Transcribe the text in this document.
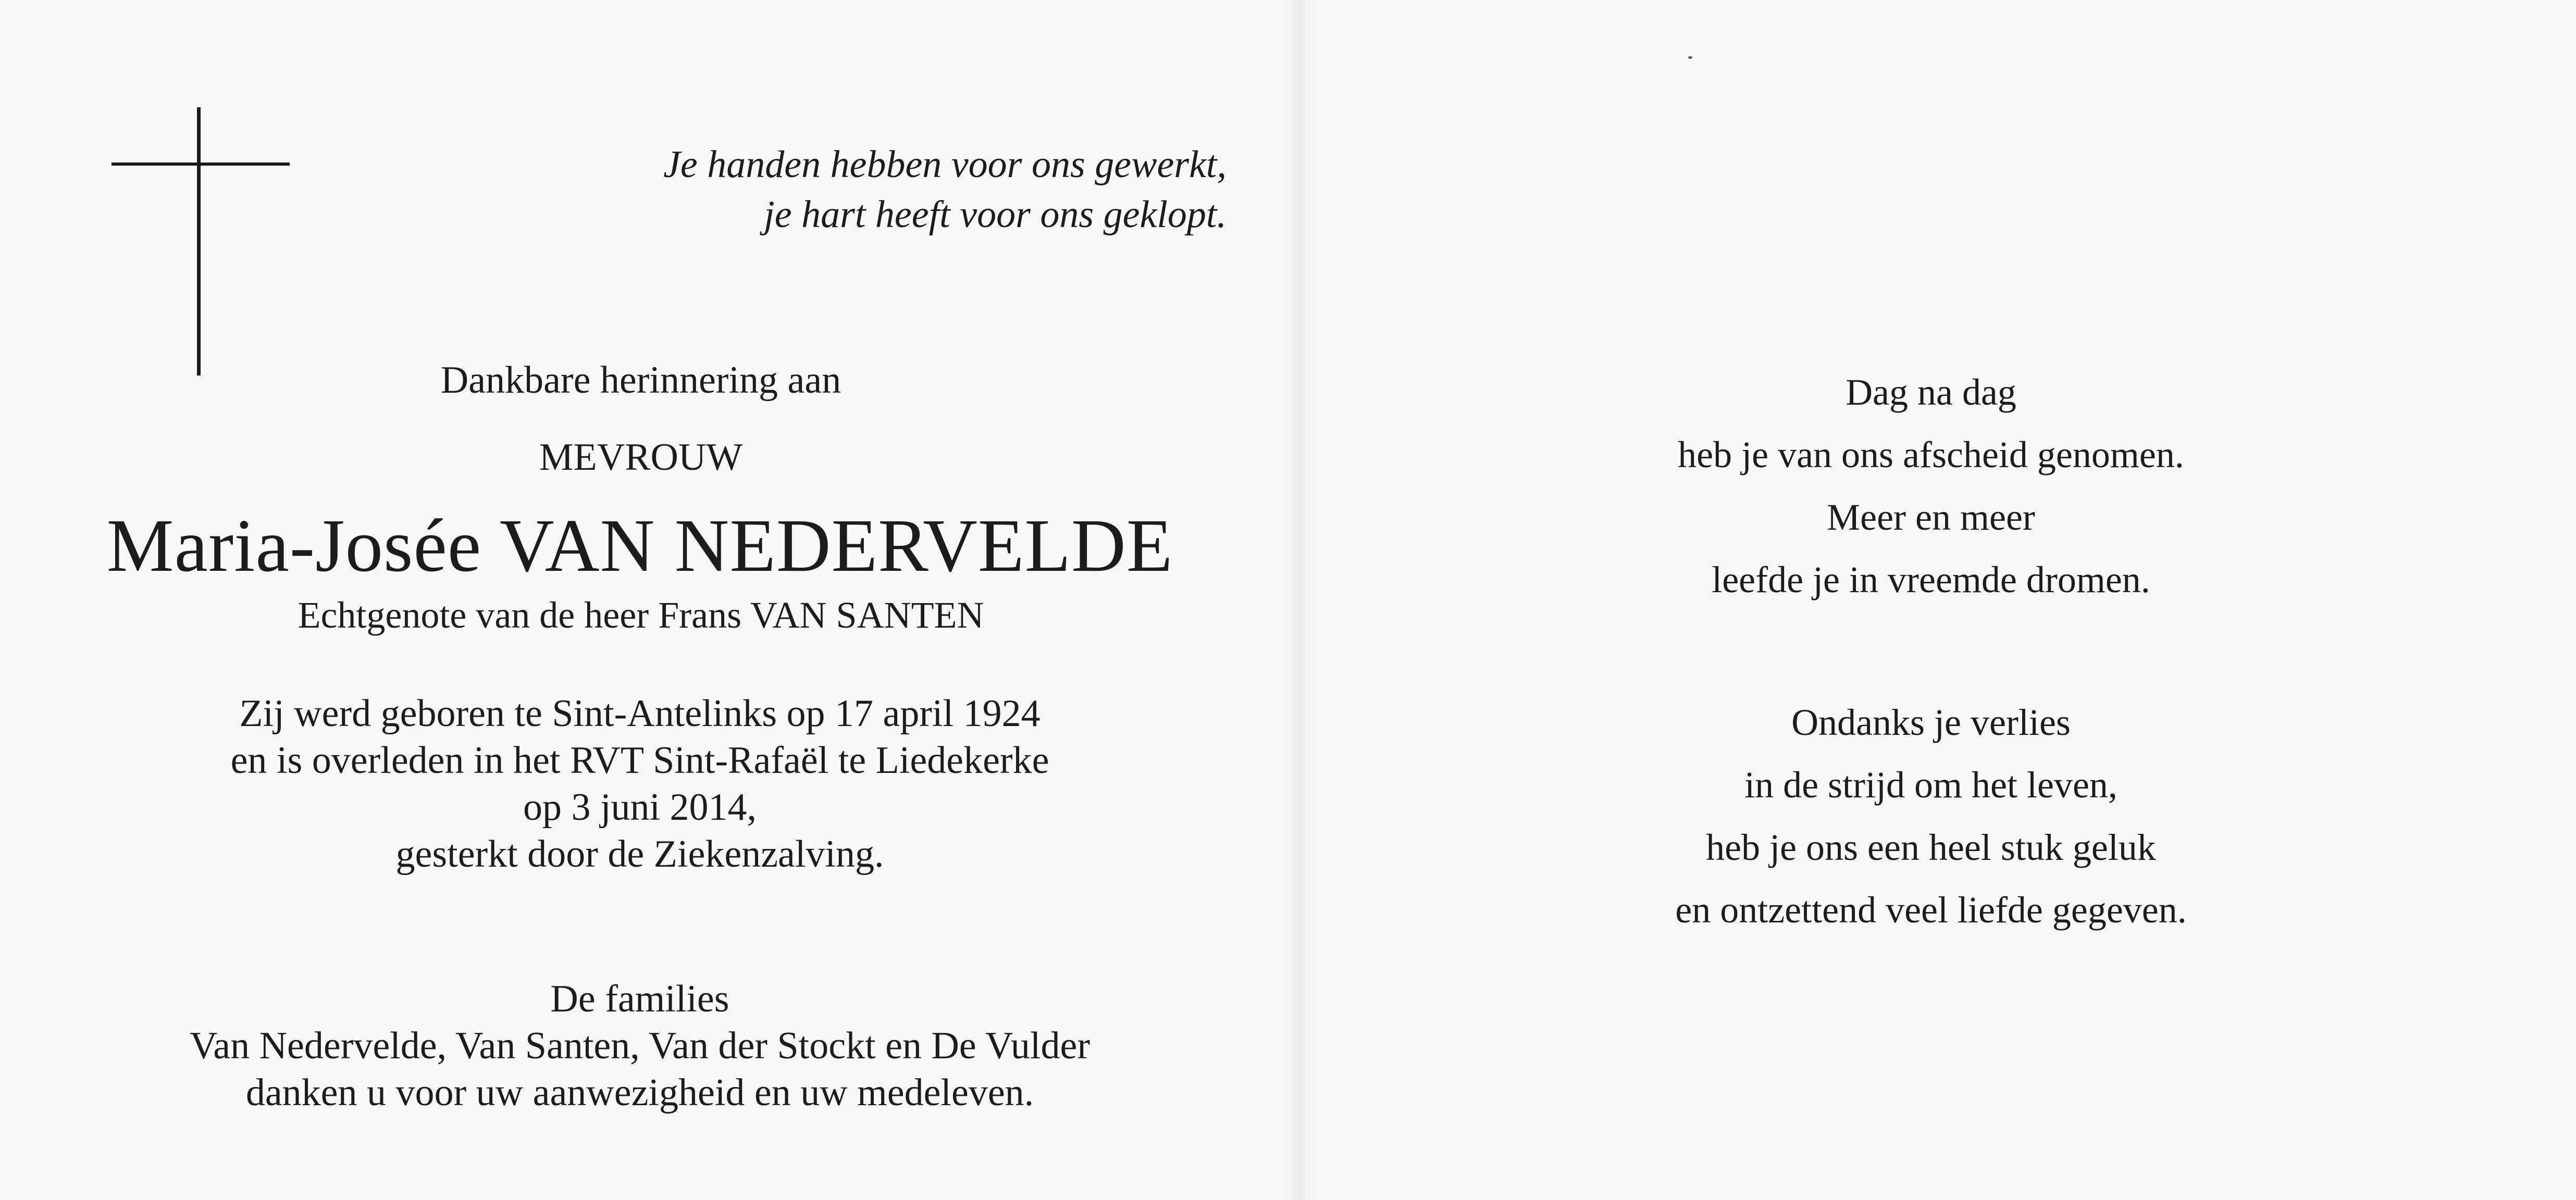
Je handen hebben voor ons gewerkt,
je hart heeft voor ons geklopt.
Dankbare herinnering aan
MEVROUW
Maria-Josée VAN NEDERVELDE
Echtgenote van de heer Frans VAN SANTEN
Zij werd geboren te Sint-Antelinks op 17 april 1924
en is overleden in het RVT Sint-Rafaël te Liedekerke
op 3 juni 2014,
gesterkt door de Ziekenzalving.
De families
Van Nedervelde, Van Santen, Van der Stockt en De Vulder
danken u voor uw aanwezigheid en uw medeleven.
Dag na dag
heb je van ons afscheid genomen.
Meer en meer
leefde je in vreemde dromen.
Ondanks je verlies
in de strijd om het leven,
heb je ons een heel stuk geluk
en ontzettend veel liefde gegeven.
